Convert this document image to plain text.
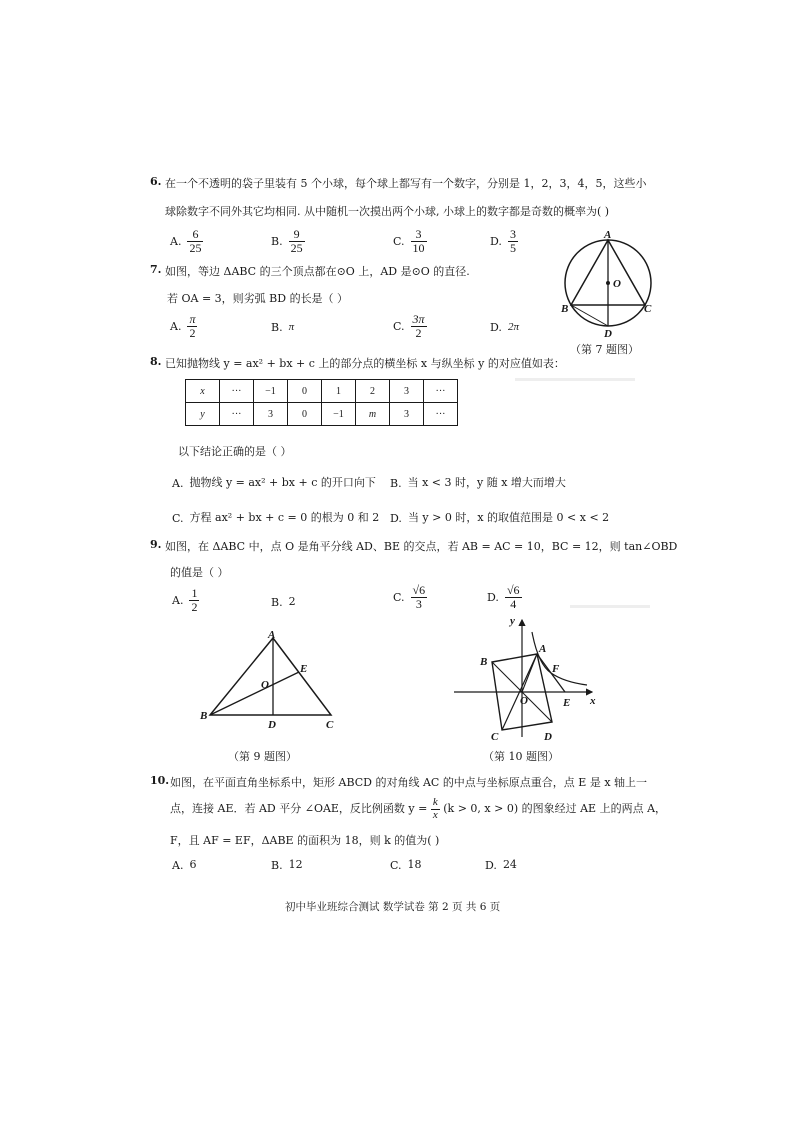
6. 在一个不透明的袋子里装有 5 个小球，每个球上都写有一个数字，分别是 1，2，3，4，5，这些小
球除数字不同外其它均相同. 从中随机一次摸出两个小球, 小球上的数字都是奇数的概率为( )
A. $\frac{6}{25}$	B. $\frac{9}{25}$	C. $\frac{3}{10}$	D. $\frac{3}{5}$
7. 如图，等边 ΔABC 的三个顶点都在⊙O 上，AD 是⊙O 的直径.
若 OA = 3，则劣弧 BD 的长是（ ）
A. $\frac{\pi}{2}$	B. π	C. $\frac{3\pi}{2}$	D. 2π
A
O
B	C
D
（第 7 题图）
8. 已知抛物线 y = ax² + bx + c 上的部分点的横坐标 x 与纵坐标 y 的对应值如表：
x	···	−1	0	1	2	3	···
y	···	3	0	−1	m	3	···
以下结论正确的是（ ）
A. 抛物线 y = ax² + bx + c 的开口向下 B. 当 x < 3 时，y 随 x 增大而增大
C. 方程 ax² + bx + c = 0 的根为 0 和 2 D. 当 y > 0 时，x 的取值范围是 0 < x < 2
9. 如图，在 ΔABC 中，点 O 是角平分线 AD、BE 的交点，若 AB = AC = 10，BC = 12，则 tan∠OBD
的值是（ ）
A. $\frac{1}{2}$	B. 2	C. $\frac{√6}{3}$	D. $\frac{√6}{4}$
A
E
O
B
D	C
（第 9 题图）
y
A
B
F
O	E x
C	D
（第 10 题图）
10. 如图，在平面直角坐标系中，矩形 ABCD 的对角线 AC 的中点与坐标原点重合，点 E 是 x 轴上一
点，连接 AE．若 AD 平分 ∠OAE，反比例函数 $y = \frac{k}{x} (k > 0$, x > 0) 的图象经过 AE 上的两点 A，
F，且 AF = EF，ΔABE 的面积为 18，则 k 的值为( )
A. 6	B. 12	C. 18	D. 24
初中毕业班综合测试 数学试卷 第 2 页 共 6 页
